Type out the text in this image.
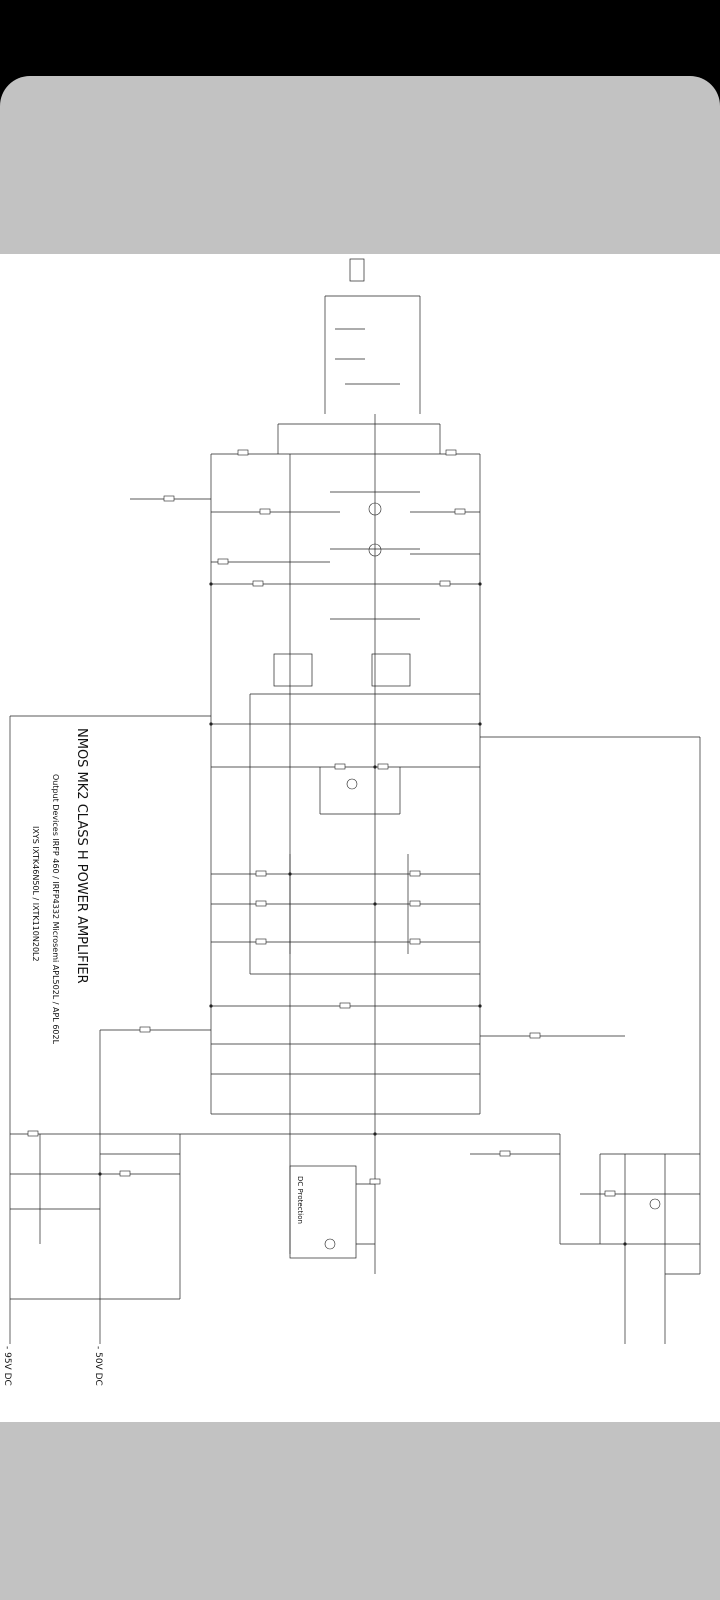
NMOS MK2 CLASS H POWER AMPLIFIER
Output Devices IRFP 460 / IRFP4332 Microsemi APL502L / APL 602L
IXYS IXTK46N50L / IXTK110N20L2
- 95V DC	- 50V DC
DC Protection
